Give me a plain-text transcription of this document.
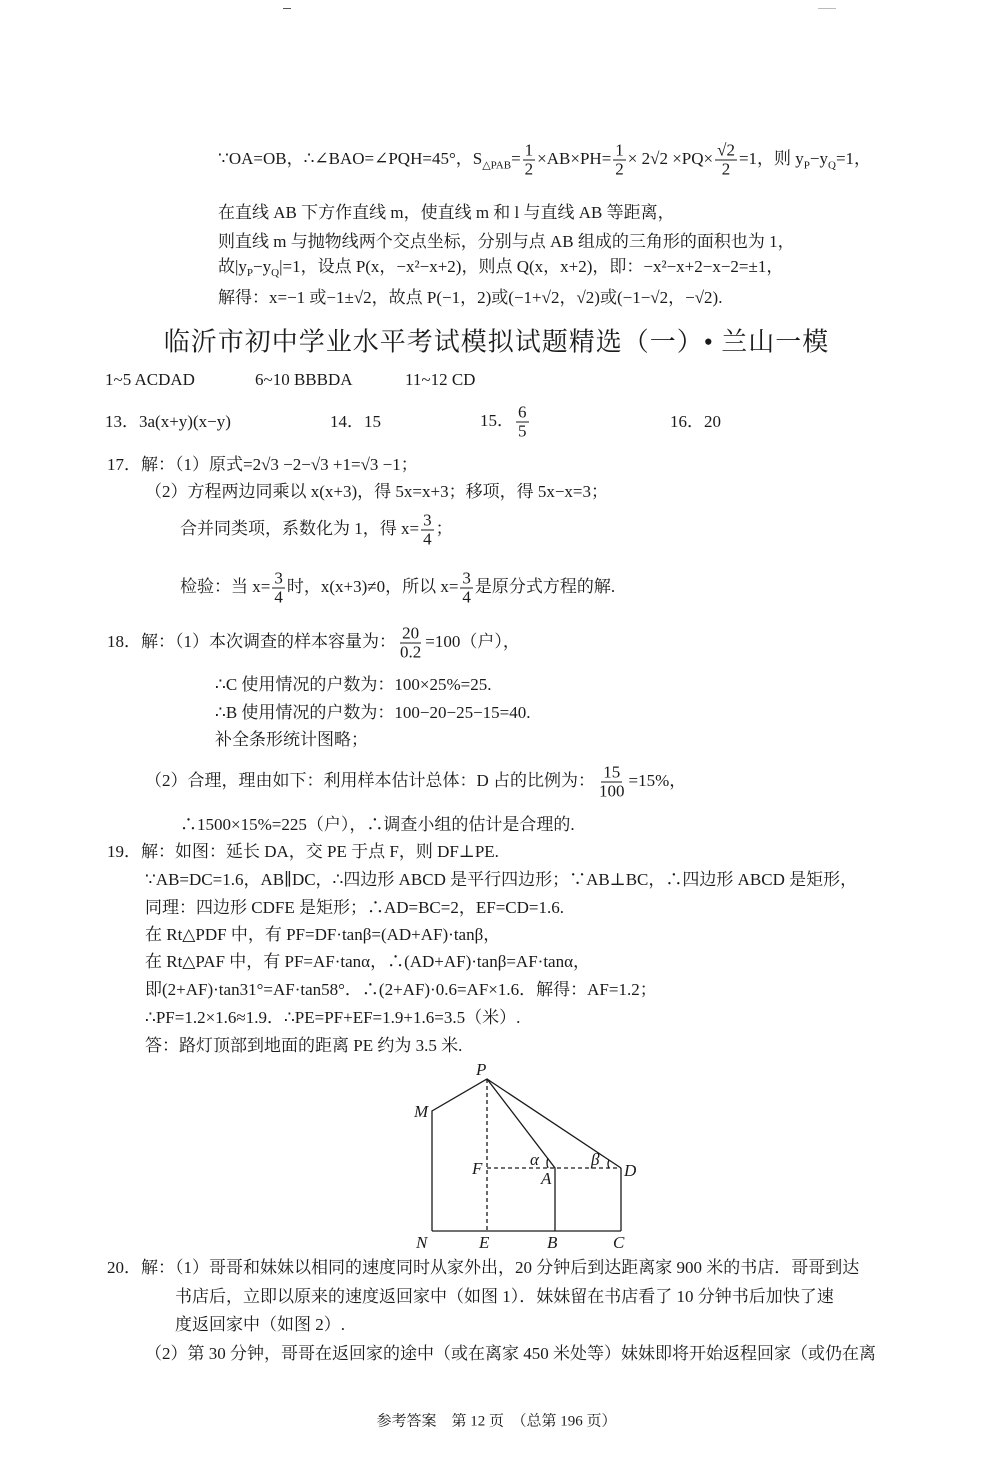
∵OA=OB，∴∠BAO=∠PQH=45°，$S_{\triangle PAB}= \frac{1}{2} \times AB\times PH= \frac{1}{2} \times 2√2 \times PQ\times \frac{√2}{2} =1$，则 $y_P-y_Q=1$，
在直线 AB 下方作直线 m，使直线 m 和 l 与直线 AB 等距离，
则直线 m 与抛物线两个交点坐标，分别与点 AB 组成的三角形的面积也为 1，
故$|y_P-y_Q|=1$，设点 P(x，−x²−x+2)，则点 Q(x，x+2)，即：−x²−x+2−x−2=±1，
解得：x=−1 或−1±√2，故点 P(−1，2)或(−1+√2，√2)或(−1−√2，−√2).
1~5 ACDAD	6~10 BBBDA	11~12 CD
13．3a(x+y)(x−y)	14．15	15． $\frac{6}{5}$	16．20
17．解：（1）原式=2√3 −2−√3 +1=√3 −1；
（2）方程两边同乘以 x(x+3)，得 5x=x+3；移项，得 5x−x=3；
合并同类项，系数化为 1，得 $x= \frac{3}{4}$ ；
检验：当 $x= \frac{3}{4}$ 时，x(x+3)≠0，所以 $x= \frac{3}{4}$ 是原分式方程的解.
18．解：（1）本次调查的样本容量为： $\frac{20}{0.2} =100$（户），
∴C 使用情况的户数为：100×25%=25.
∴B 使用情况的户数为：100−20−25−15=40.
补全条形统计图略；
（2）合理，理由如下：利用样本估计总体：D 占的比例为： $\frac{15}{100} =15\%$，
∴1500×15%=225（户），∴调查小组的估计是合理的.
19．解：如图：延长 DA，交 PE 于点 F，则 DF⊥PE.
∵AB=DC=1.6，AB∥DC，∴四边形 ABCD 是平行四边形；∵AB⊥BC，∴四边形 ABCD 是矩形，
同理：四边形 CDFE 是矩形；∴AD=BC=2，EF=CD=1.6.
在 Rt△PDF 中，有 PF=DF·tanβ=(AD+AF)·tanβ，
在 Rt△PAF 中，有 PF=AF·tanα，∴(AD+AF)·tanβ=AF·tanα，
即(2+AF)·tan31°=AF·tan58°．∴(2+AF)·0.6=AF×1.6．解得：AF=1.2；
∴PF=1.2×1.6≈1.9．∴PE=PF+EF=1.9+1.6=3.5（米）.
答：路灯顶部到地面的距离 PE 约为 3.5 米.
20．解：（1）哥哥和妹妹以相同的速度同时从家外出，20 分钟后到达距离家 900 米的书店．哥哥到达
书店后，立即以原来的速度返回家中（如图 1）．妹妹留在书店看了 10 分钟书后加快了速
度返回家中（如图 2）.
（2）第 30 分钟，哥哥在返回家的途中（或在离家 450 米处等）妹妹即将开始返程回家（或仍在离
临沂市初中学业水平考试模拟试题精选（一）• 兰山一模
P
M
N	E	B	C
F
A	D
α	β
参考答案　第 12 页　（总第 196 页）
